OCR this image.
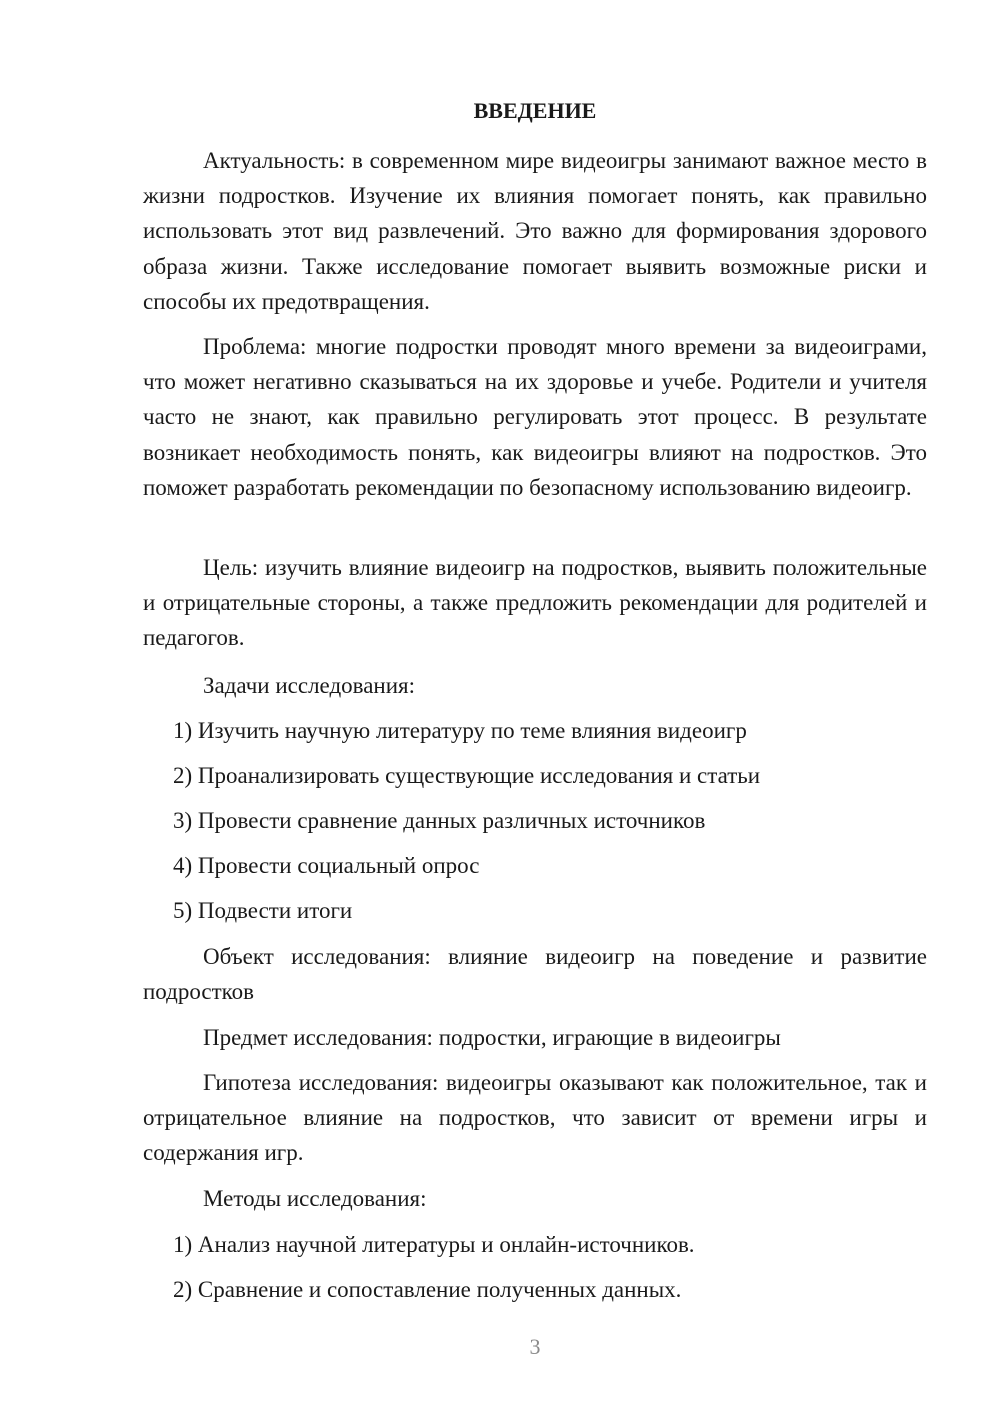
ВВЕДЕНИЕ

Актуальность: в современном мире видеоигры занимают важное место в жизни подростков. Изучение их влияния помогает понять, как правильно использовать этот вид развлечений. Это важно для формирования здорового образа жизни. Также исследование помогает выявить возможные риски и способы их предотвращения.

Проблема: многие подростки проводят много времени за видеоиграми, что может негативно сказываться на их здоровье и учебе. Родители и учителя часто не знают, как правильно регулировать этот процесс. В результате возникает необходимость понять, как видеоигры влияют на подростков. Это поможет разработать рекомендации по безопасному использованию видеоигр.

Цель: изучить влияние видеоигр на подростков, выявить положительные и отрицательные стороны, а также предложить рекомендации для родителей и педагогов.

Задачи исследования:

1) Изучить научную литературу по теме влияния видеоигр

2) Проанализировать существующие исследования и статьи

3) Провести сравнение данных различных источников

4) Провести социальный опрос

5) Подвести итоги

Объект исследования: влияние видеоигр на поведение и развитие подростков

Предмет исследования: подростки, играющие в видеоигры

Гипотеза исследования: видеоигры оказывают как положительное, так и отрицательное влияние на подростков, что зависит от времени игры и содержания игр.

Методы исследования:

1) Анализ научной литературы и онлайн-источников.

2) Сравнение и сопоставление полученных данных.

3
